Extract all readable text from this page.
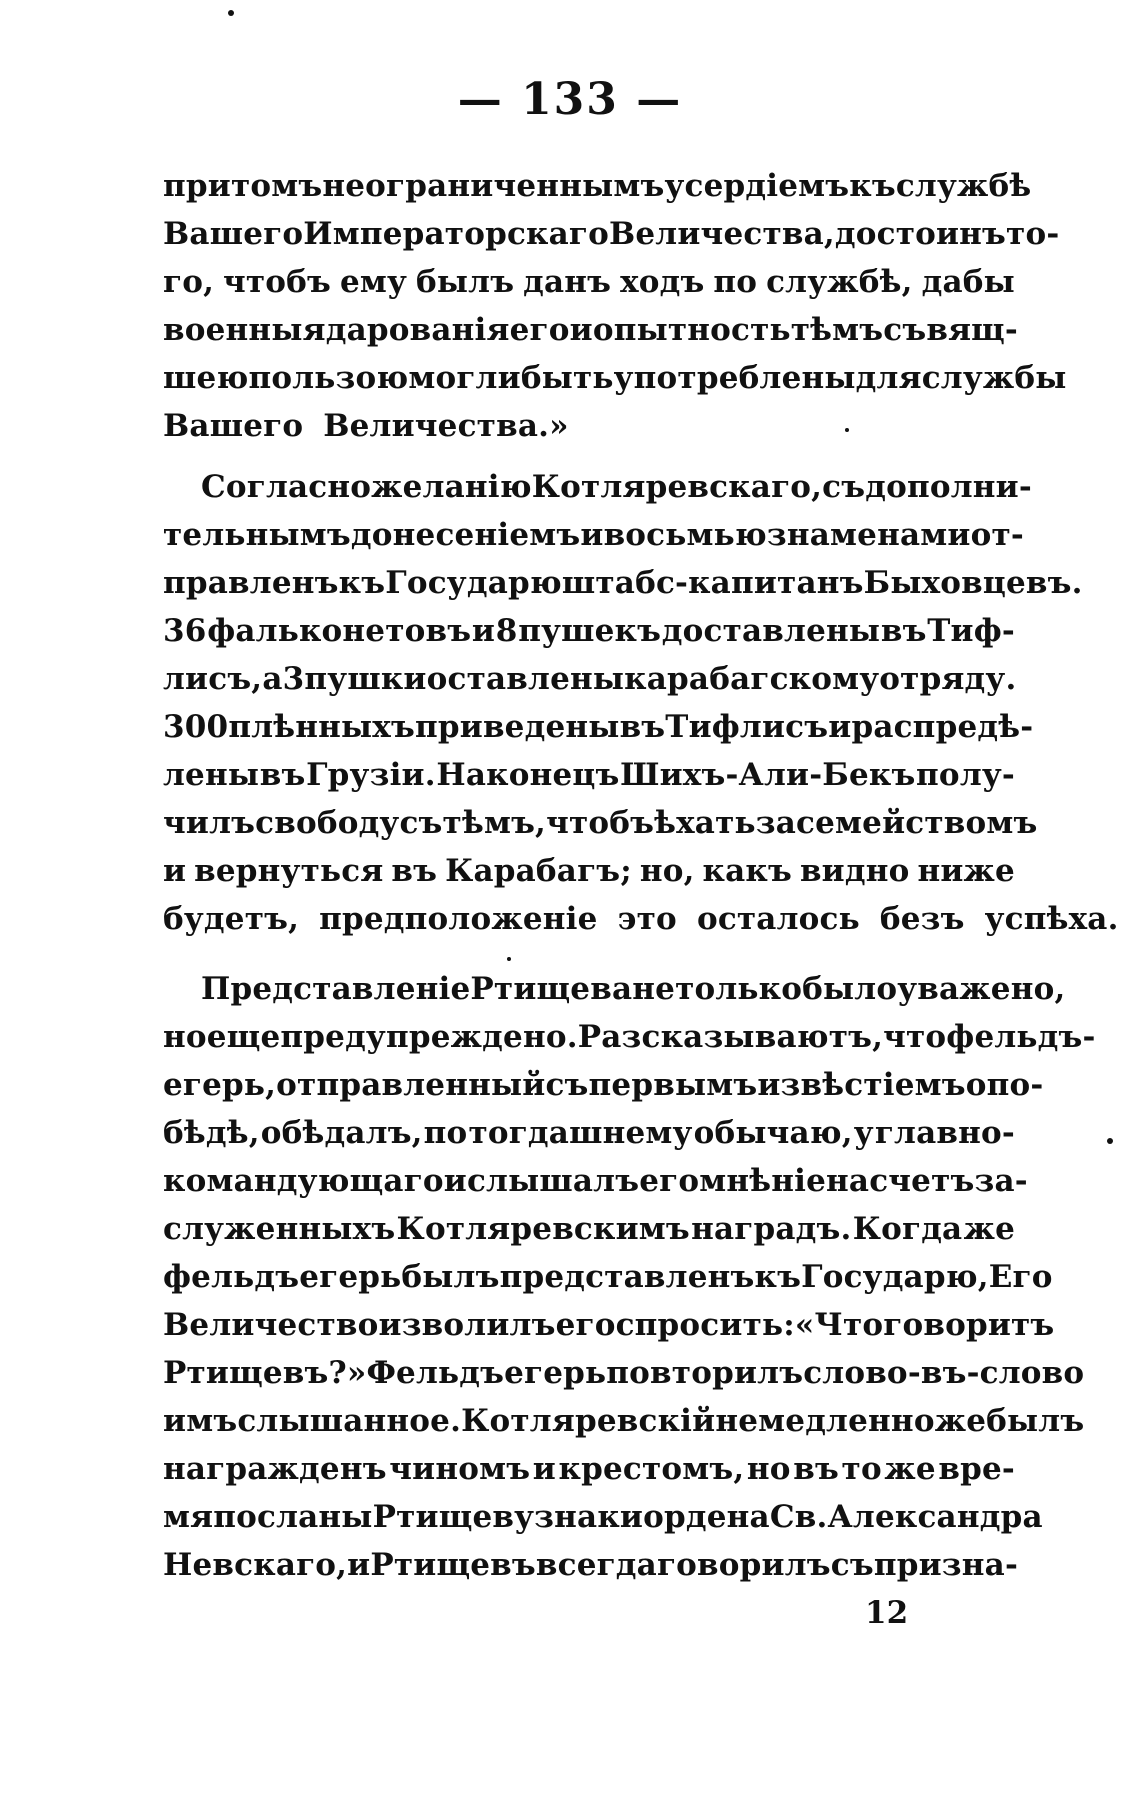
— 133 —
притомъ неограниченнымъ усердіемъ къ службѣ
Вашего Императорскаго Величества, достоинъ то-
го, чтобъ ему былъ данъ ходъ по службѣ, дабы
военныя дарованія его и опытность тѣмъ съ вящ-
шею пользою могли быть употреблены для службы
Вашего Величества.»
Согласно желанію Котляревскаго, съ дополни-
тельнымъ донесеніемъ и восьмью знаменами от-
правленъ къ Государю штабс-капитанъ Быховцевъ.
36 фальконетовъ и 8 пушекъ доставлены въ Тиф-
лисъ, а 3 пушки оставлены карабагскому отряду.
300 плѣнныхъ приведены въ Тифлисъ и распредѣ-
лены въ Грузіи. Наконецъ Шихъ-Али-Бекъ полу-
чилъ свободу съ тѣмъ, чтобъ ѣхать за семействомъ
и вернуться въ Карабагъ; но, какъ видно ниже
будетъ, предположеніе это осталось безъ успѣха.
Представленіе Ртищева не только было уважено,
но еще предупреждено. Разсказываютъ, что фельдъ-
егерь, отправленный съ первымъ извѣстіемъ о по-
бѣдѣ, обѣдалъ, по тогдашнему обычаю, у главно-
командующаго и слышалъ его мнѣніе на счетъ за-
служенныхъ Котляревскимъ наградъ. Когда же
фельдъегерь былъ представленъ къ Государю, Его
Величество изволилъ его спросить: «Что говоритъ
Ртищевъ?» Фельдъегерь повторилъ слово-въ-слово
имъ слышанное. Котляревскій немедленно же былъ
награжденъ чиномъ и крестомъ, но въ то же вре-
мя посланы Ртищеву знаки ордена Св. Александра
Невскаго, и Ртищевъ всегда говорилъ съ призна-
12
